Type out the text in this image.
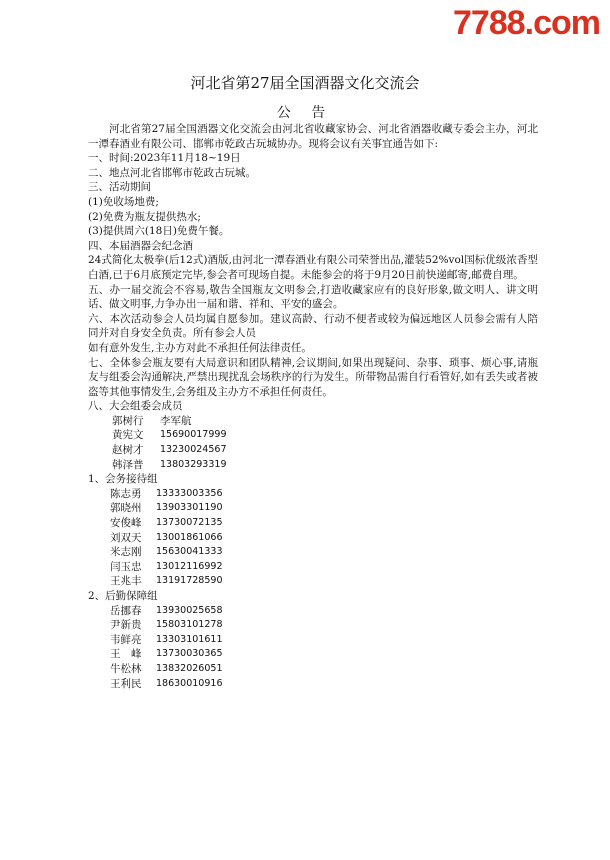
7788.com
河北省第27届全国酒器文化交流会
公 告

河北省第27届全国酒器文化交流会由河北省收藏家协会、河北省酒器收藏专委会主办，河北一潭春酒业有限公司、邯郸市乾政古玩城协办。现将会议有关事宜通告如下:

一、时间:2023年11月18~19日

二、地点河北省邯郸市乾政古玩城。

三、活动期间

(1)免收场地费;

(2)免费为瓶友提供热水;

(3)提供周六(18日)免费午餐。

四、本届酒器会纪念酒

24式简化太极拳(后12式)酒版,由河北一潭春酒业有限公司荣誉出品,灌装52%vol国标优级浓香型白酒,已于6月底预定完毕,参会者可现场自提。未能参会的将于9月20日前快递邮寄,邮费自理。

五、办一届交流会不容易,敬告全国瓶友文明参会,打造收藏家应有的良好形象,做文明人、讲文明话、做文明事,力争办出一届和谐、祥和、平安的盛会。

六、本次活动参会人员均属自愿参加。建议高龄、行动不便者或较为偏远地区人员参会需有人陪同并对自身安全负责。所有参会人员

如有意外发生,主办方对此不承担任何法律责任。

七、全体参会瓶友要有大局意识和团队精神,会议期间,如果出现疑问、杂事、琐事、烦心事,请瓶友与组委会沟通解决,严禁出现扰乱会场秩序的行为发生。所带物品需自行看管好,如有丢失或者被盗等其他事情发生,会务组及主办方不承担任何责任。

八、大会组委会成员

郭树行	李军航
黄宪文	15690017999
赵树才	13230024567
韩泽普	13803293319

1、会务接待组

陈志勇	13333003356
郭晓州	13903301190
安俊峰	13730072135
刘双天	13001861066
米志刚	15630041333
闫玉忠	13012116992
王兆丰	13191728590

2、后勤保障组

岳挪春	13930025658
尹新贵	15803101278
韦鲜亮	13303101611
王　峰	13730030365
牛松林	13832026051
王利民	18630010916
